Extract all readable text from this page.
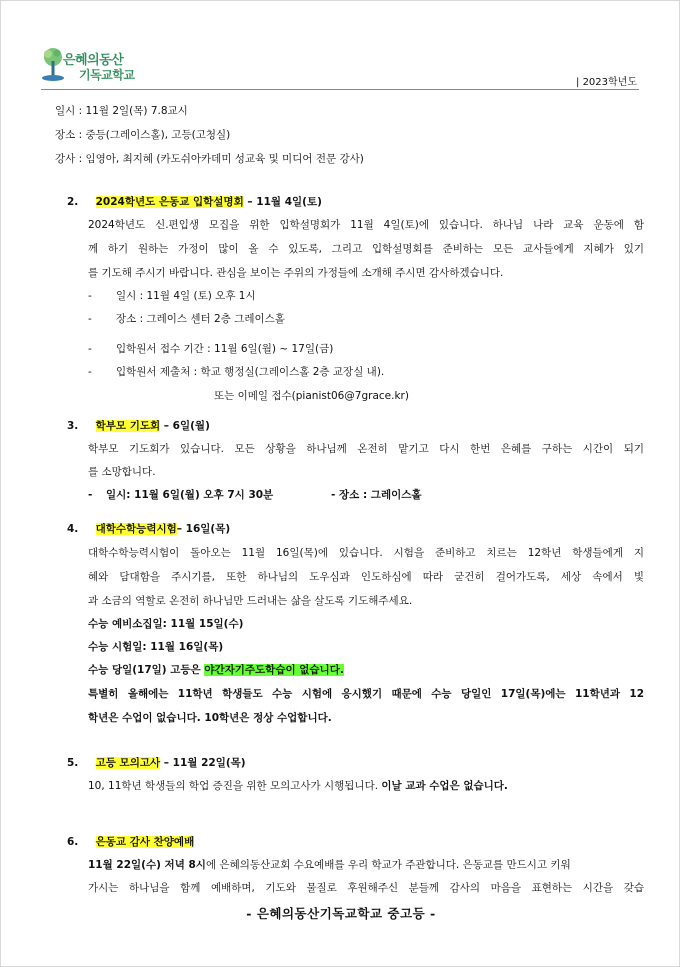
은혜의동산
기독교학교
| 2023학년도
일시 : 11월 2일(목) 7.8교시
장소 : 중등(그레이스홀), 고등(고청실)
강사 : 임영아, 최지혜 (카도쉬아카데미 성교육 및 미디어 전문 강사)
2. 2024학년도 은동교 입학설명회 – 11월 4일(토)
2024학년도 신.편입생 모집을 위한 입학설명회가 11월 4일(토)에 있습니다. 하나님 나라 교육 운동에 함
께 하기 원하는 가정이 많이 올 수 있도록, 그리고 입학설명회를 준비하는 모든 교사들에게 지혜가 있기
를 기도해 주시기 바랍니다. 관심을 보이는 주위의 가정들에 소개해 주시면 감사하겠습니다.
- 일시 : 11월 4일 (토) 오후 1시
- 장소 : 그레이스 센터 2층 그레이스홀
- 입학원서 접수 기간 : 11월 6일(월) ~ 17일(금)
- 입학원서 제출처 : 학교 행정실(그레이스홀 2층 교장실 내).
또는 이메일 접수(pianist06@7grace.kr)
3. 학부모 기도회 – 6일(월)
학부모 기도회가 있습니다. 모든 상황을 하나님께 온전히 맡기고 다시 한번 은혜를 구하는 시간이 되기
를 소망합니다.
- 일시: 11월 6일(월) 오후 7시 30분	- 장소 : 그레이스홀
4. 대학수학능력시험– 16일(목)
대학수학능력시험이 돌아오는 11월 16일(목)에 있습니다. 시험을 준비하고 치르는 12학년 학생들에게 지
혜와 담대함을 주시기를, 또한 하나님의 도우심과 인도하심에 따라 굳건히 걸어가도록, 세상 속에서 빛
과 소금의 역할로 온전히 하나님만 드러내는 삶을 살도록 기도해주세요.
수능 예비소집일: 11월 15일(수)
수능 시험일: 11월 16일(목)
수능 당일(17일) 고등은 야간자기주도학습이 없습니다.
특별히 올해에는 11학년 학생들도 수능 시험에 응시했기 때문에 수능 당일인 17일(목)에는 11학년과 12
학년은 수업이 없습니다. 10학년은 정상 수업합니다.
5. 고등 모의고사 – 11월 22일(목)
10, 11학년 학생들의 학업 증진을 위한 모의고사가 시행됩니다. 이날 교과 수업은 없습니다.
6. 은동교 감사 찬양예배
11월 22일(수) 저녁 8시에 은혜의동산교회 수요예배를 우리 학교가 주관합니다. 은동교를 만드시고 키워
가시는 하나님을 함께 예배하며, 기도와 물질로 후원해주신 분들께 감사의 마음을 표현하는 시간을 갖습
- 은혜의동산기독교학교 중고등 -
